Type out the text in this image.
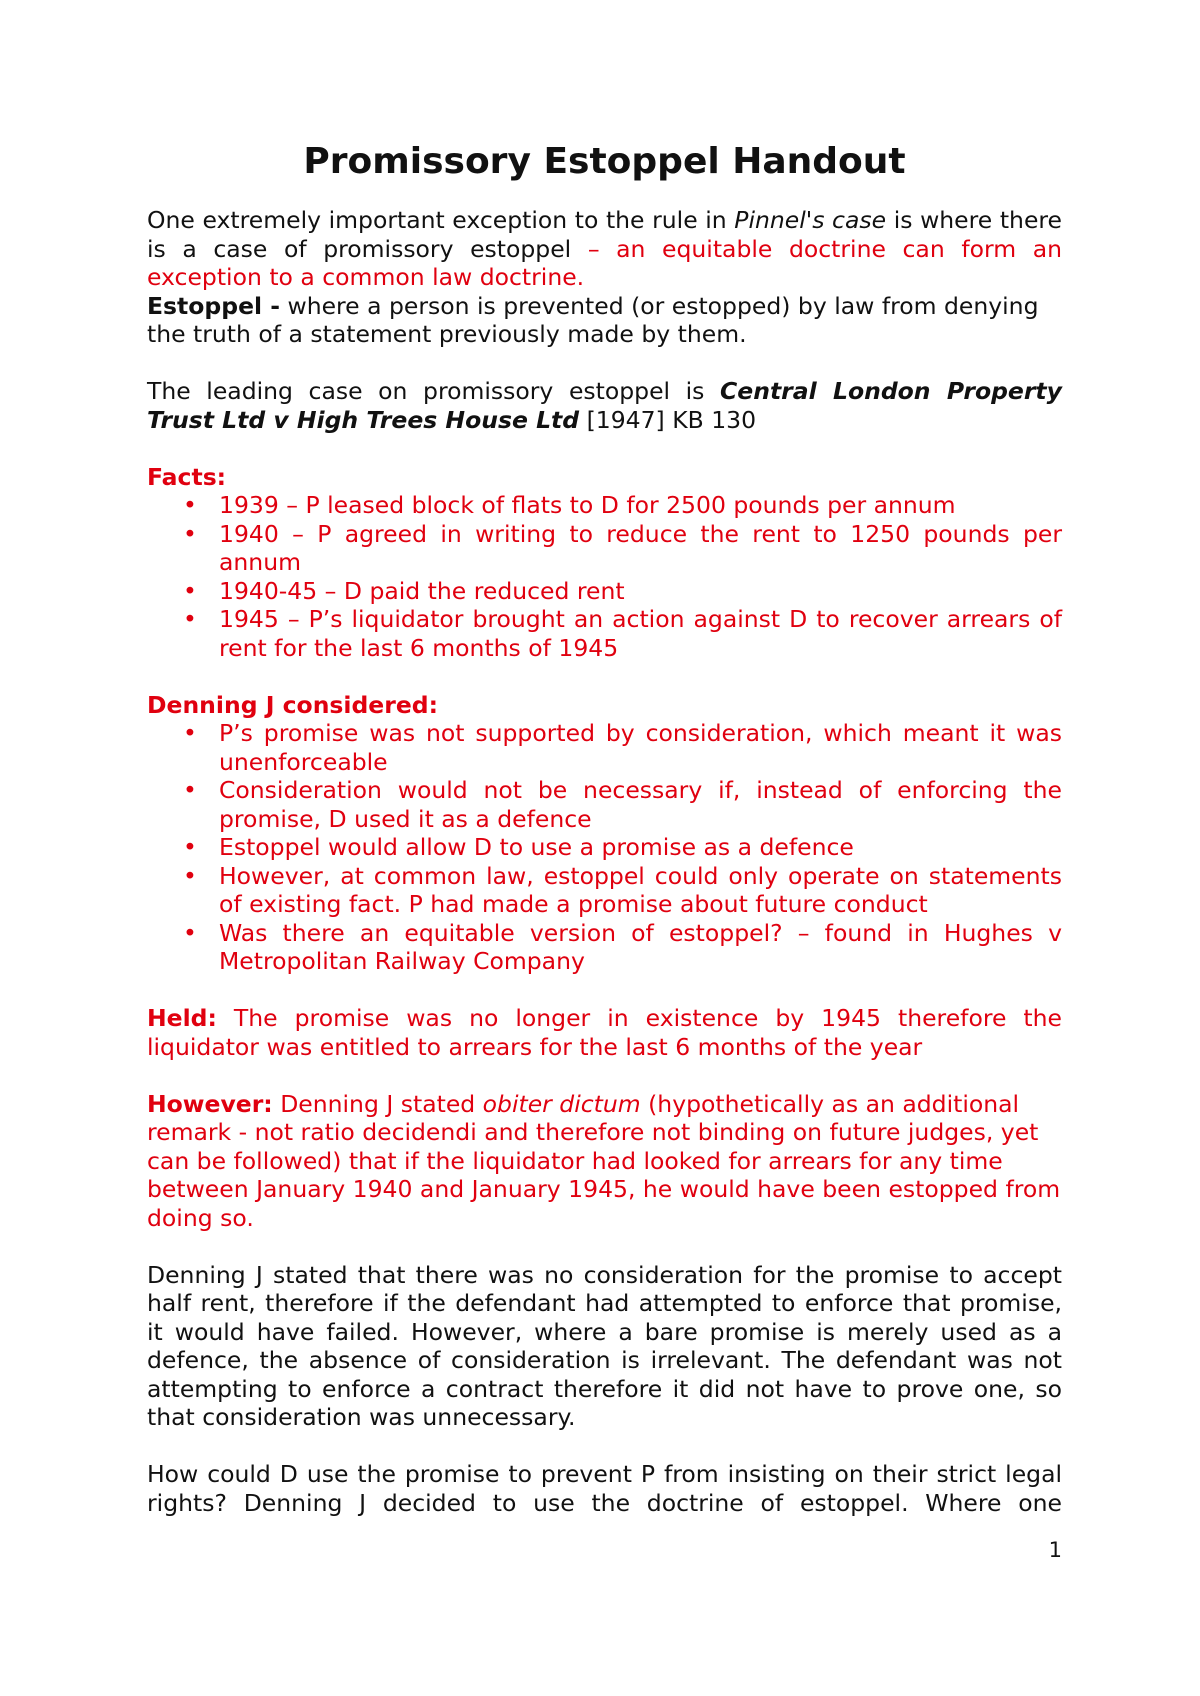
Promissory Estoppel Handout

One extremely important exception to the rule in Pinnel's case is where there is a case of promissory estoppel – an equitable doctrine can form an exception to a common law doctrine.

Estoppel - where a person is prevented (or estopped) by law from denying the truth of a statement previously made by them.

The leading case on promissory estoppel is Central London Property Trust Ltd v High Trees House Ltd [1947] KB 130

Facts:

• 1939 – P leased block of flats to D for 2500 pounds per annum
• 1940 – P agreed in writing to reduce the rent to 1250 pounds per annum
• 1940-45 – D paid the reduced rent
• 1945 – P’s liquidator brought an action against D to recover arrears of rent for the last 6 months of 1945

Denning J considered:

• P’s promise was not supported by consideration, which meant it was unenforceable
• Consideration would not be necessary if, instead of enforcing the promise, D used it as a defence
• Estoppel would allow D to use a promise as a defence
• However, at common law, estoppel could only operate on statements of existing fact. P had made a promise about future conduct
• Was there an equitable version of estoppel? – found in Hughes v Metropolitan Railway Company

Held: The promise was no longer in existence by 1945 therefore the liquidator was entitled to arrears for the last 6 months of the year

However: Denning J stated obiter dictum (hypothetically as an additional remark - not ratio decidendi and therefore not binding on future judges, yet can be followed) that if the liquidator had looked for arrears for any time between January 1940 and January 1945, he would have been estopped from doing so.

Denning J stated that there was no consideration for the promise to accept half rent, therefore if the defendant had attempted to enforce that promise, it would have failed. However, where a bare promise is merely used as a defence, the absence of consideration is irrelevant. The defendant was not attempting to enforce a contract therefore it did not have to prove one, so that consideration was unnecessary.

How could D use the promise to prevent P from insisting on their strict legal rights? Denning J decided to use the doctrine of estoppel. Where one

1
